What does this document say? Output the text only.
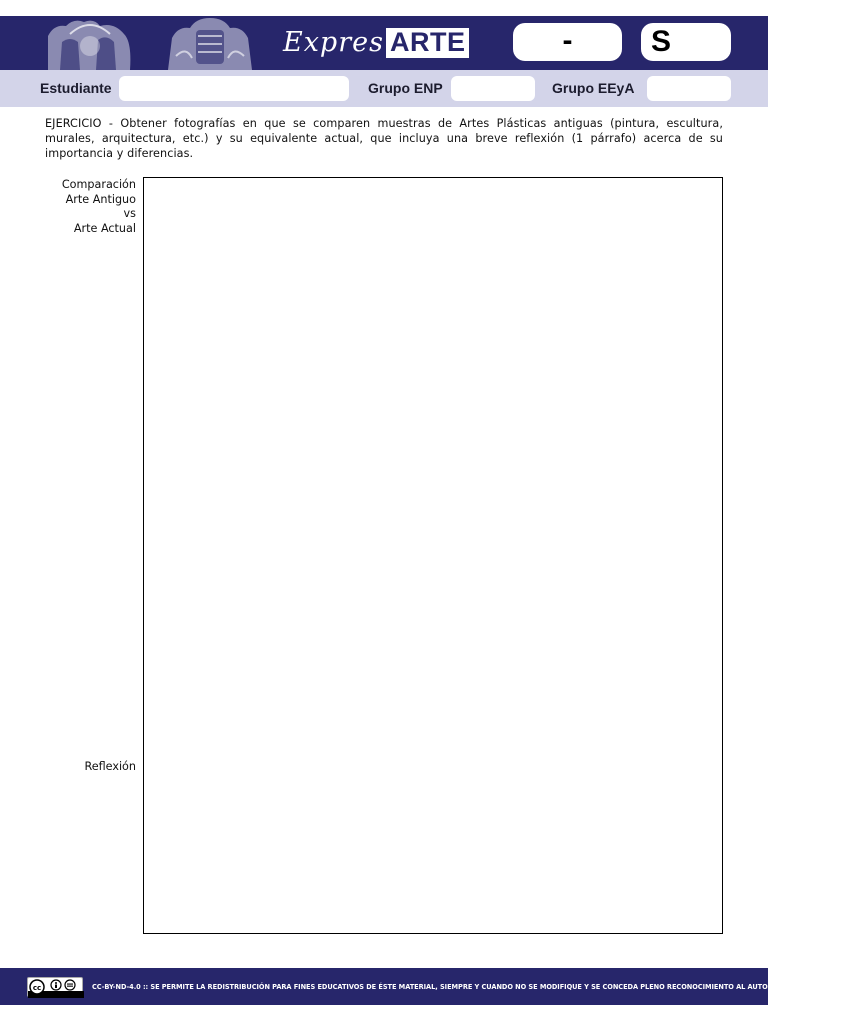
Expres ARTE	-	S
Estudiante	Grupo ENP	Grupo EEyA
EJERCICIO - Obtener fotografías en que se comparen muestras de Artes Plásticas antiguas (pintura, escultura, murales, arquitectura, etc.) y su equivalente actual, que incluya una breve reflexión (1 párrafo) acerca de su importancia y diferencias.
Comparación
Arte Antiguo
vs
Arte Actual
Reflexión
cc	CC-BY-ND-4.0 :: SE PERMITE LA REDISTRIBUCIÓN PARA FINES EDUCATIVOS DE ÉSTE MATERIAL, SIEMPRE Y CUANDO NO SE MODIFIQUE Y SE CONCEDA PLENO RECONOCIMIENTO AL AUTOR (JCTL), MÉXICO, 2014.
